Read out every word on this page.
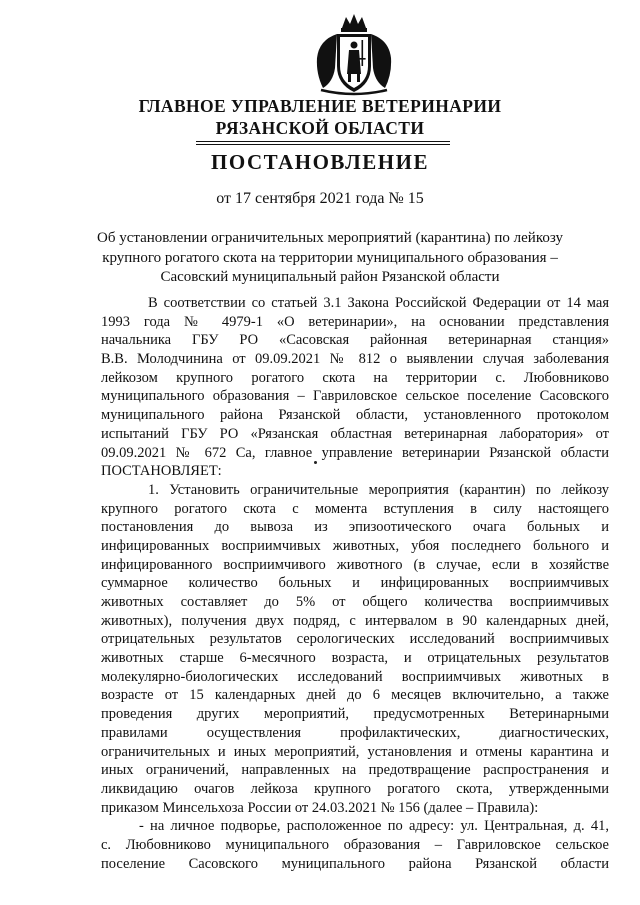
ГЛАВНОЕ УПРАВЛЕНИЕ ВЕТЕРИНАРИИ
РЯЗАНСКОЙ ОБЛАСТИ
ПОСТАНОВЛЕНИЕ
от 17 сентября 2021 года № 15
Об установлении ограничительных мероприятий (карантина) по лейкозу
крупного рогатого скота на территории муниципального образования –
Сасовский муниципальный район Рязанской области
В соответствии со статьей 3.1 Закона Российской Федерации от 14 мая
1993 года № 4979-1 «О ветеринарии», на основании представления
начальника ГБУ РО «Сасовская районная ветеринарная станция»
В.В. Молодчинина от 09.09.2021 № 812 о выявлении случая заболевания
лейкозом крупного рогатого скота на территории с. Любовниково
муниципального образования – Гавриловское сельское поселение Сасовского
муниципального района Рязанской области, установленного протоколом
испытаний ГБУ РО «Рязанская областная ветеринарная лаборатория» от
09.09.2021 № 672 Са, главное управление ветеринарии Рязанской области
ПОСТАНОВЛЯЕТ:
1. Установить ограничительные мероприятия (карантин) по лейкозу
крупного рогатого скота с момента вступления в силу настоящего
постановления до вывоза из эпизоотического очага больных и
инфицированных восприимчивых животных, убоя последнего больного и
инфицированного восприимчивого животного (в случае, если в хозяйстве
суммарное количество больных и инфицированных восприимчивых
животных составляет до 5% от общего количества восприимчивых
животных), получения двух подряд, с интервалом в 90 календарных дней,
отрицательных результатов серологических исследований восприимчивых
животных старше 6-месячного возраста, и отрицательных результатов
молекулярно-биологических исследований восприимчивых животных в
возрасте от 15 календарных дней до 6 месяцев включительно, а также
проведения других мероприятий, предусмотренных Ветеринарными
правилами осуществления профилактических, диагностических,
ограничительных и иных мероприятий, установления и отмены карантина и
иных ограничений, направленных на предотвращение распространения и
ликвидацию очагов лейкоза крупного рогатого скота, утвержденными
приказом Минсельхоза России от 24.03.2021 № 156 (далее – Правила):
- на личное подворье, расположенное по адресу: ул. Центральная, д. 41,
с. Любовниково муниципального образования – Гавриловское сельское
поселение Сасовского муниципального района Рязанской области
